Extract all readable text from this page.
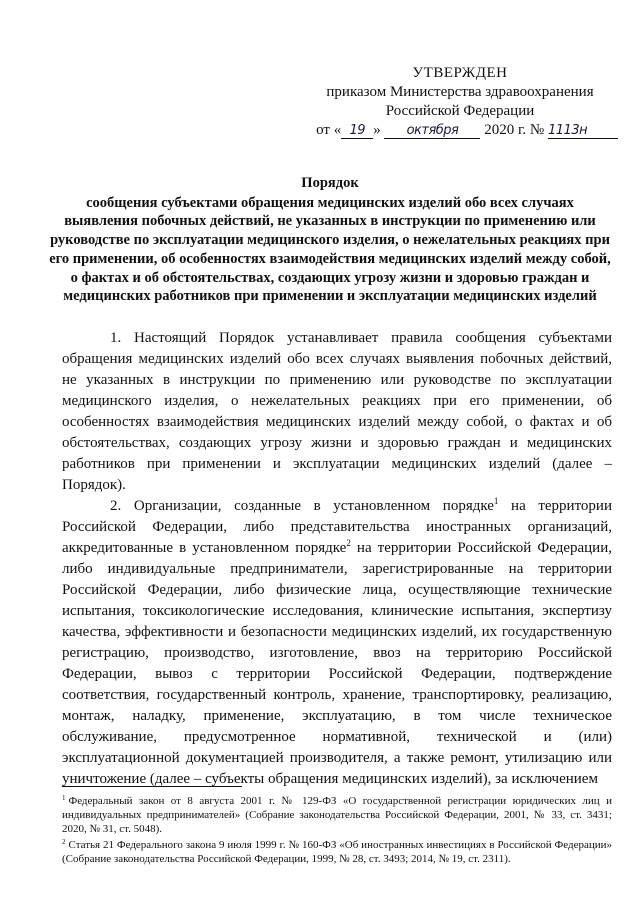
УТВЕРЖДЕН
приказом Министерства здравоохранения
Российской Федерации
от « 19 » октября 2020 г. № 1113н
Порядок
сообщения субъектами обращения медицинских изделий обо всех случаях выявления побочных действий, не указанных в инструкции по применению или руководстве по эксплуатации медицинского изделия, о нежелательных реакциях при его применении, об особенностях взаимодействия медицинских изделий между собой, о фактах и об обстоятельствах, создающих угрозу жизни и здоровью граждан и медицинских работников при применении и эксплуатации медицинских изделий

1. Настоящий Порядок устанавливает правила сообщения субъектами обращения медицинских изделий обо всех случаях выявления побочных действий, не указанных в инструкции по применению или руководстве по эксплуатации медицинского изделия, о нежелательных реакциях при его применении, об особенностях взаимодействия медицинских изделий между собой, о фактах и об обстоятельствах, создающих угрозу жизни и здоровью граждан и медицинских работников при применении и эксплуатации медицинских изделий (далее – Порядок).

2. Организации, созданные в установленном порядке$^1$ на территории Российской Федерации, либо представительства иностранных организаций, аккредитованные в установленном порядке$^2$ на территории Российской Федерации, либо индивидуальные предприниматели, зарегистрированные на территории Российской Федерации, либо физические лица, осуществляющие технические испытания, токсикологические исследования, клинические испытания, экспертизу качества, эффективности и безопасности медицинских изделий, их государственную регистрацию, производство, изготовление, ввоз на территорию Российской Федерации, вывоз с территории Российской Федерации, подтверждение соответствия, государственный контроль, хранение, транспортировку, реализацию, монтаж, наладку, применение, эксплуатацию, в том числе техническое обслуживание, предусмотренное нормативной, технической и (или) эксплуатационной документацией производителя, а также ремонт, утилизацию или уничтожение (далее – субъекты обращения медицинских изделий), за исключением

$^1$ Федеральный закон от 8 августа 2001 г. № 129-ФЗ «О государственной регистрации юридических лиц и индивидуальных предпринимателей» (Собрание законодательства Российской Федерации, 2001, № 33, ст. 3431; 2020, № 31, ст. 5048).

$^2$ Статья 21 Федерального закона 9 июля 1999 г. № 160-ФЗ «Об иностранных инвестициях в Российской Федерации» (Собрание законодательства Российской Федерации, 1999, № 28, ст. 3493; 2014, № 19, ст. 2311).
